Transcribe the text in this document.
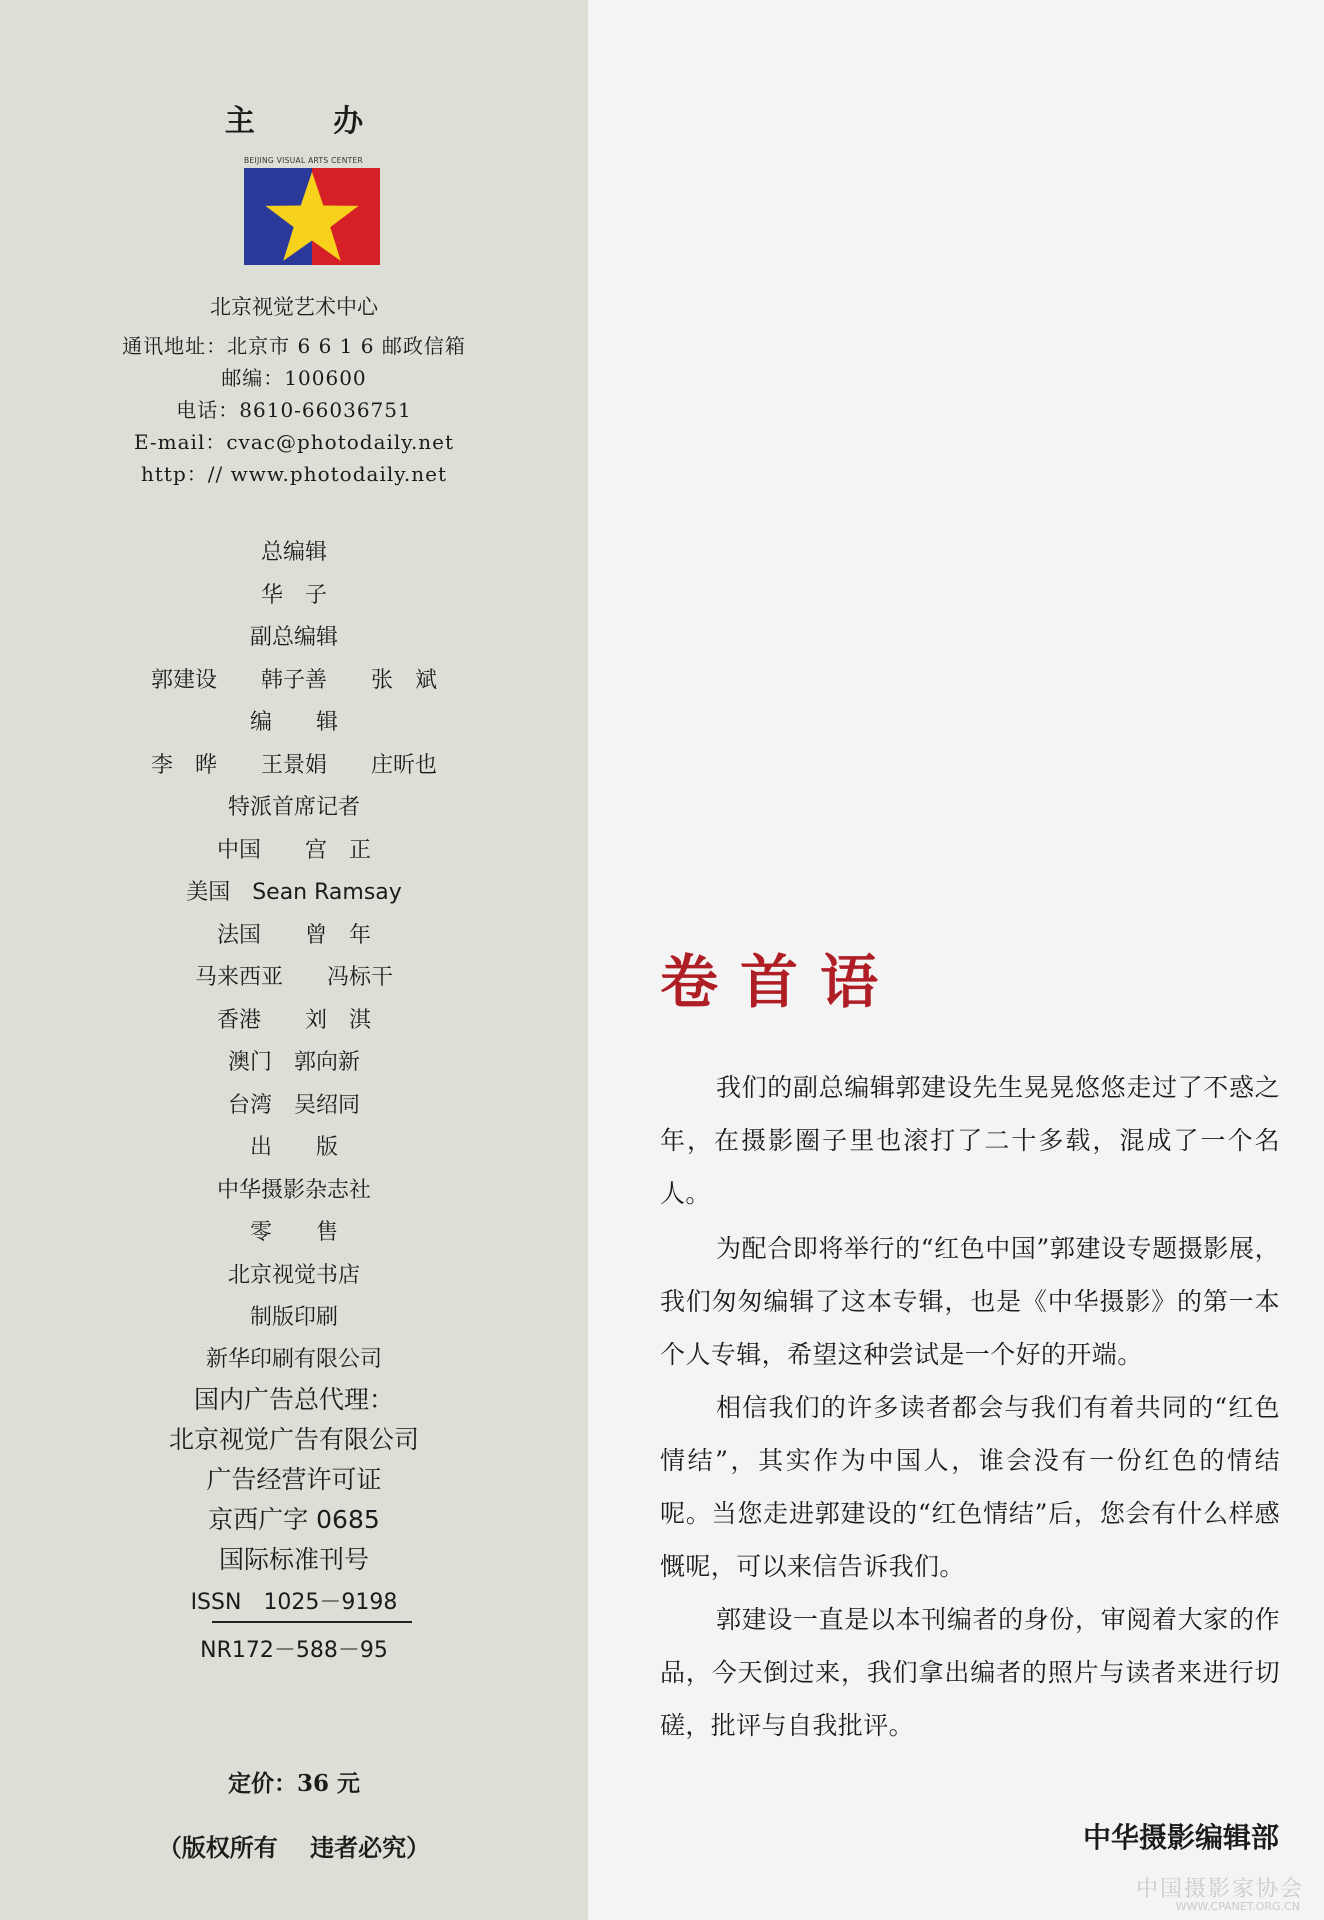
主 办
BEIJING VISUAL ARTS CENTER
北京视觉艺术中心
通讯地址：北京市 6 6 1 6 邮政信箱
邮编：100600
电话：8610-66036751
E-mail：cvac@photodaily.net
http：// www.photodaily.net
总编辑
华　子
副总编辑
郭建设　　韩子善　　张　斌
编　　辑
李　晔　　王景娟　　庄昕也
特派首席记者
中国　　宫　正
美国　Sean Ramsay
法国　　曾　年
马来西亚　　冯标干
香港　　刘　淇
澳门　郭向新
台湾　吴绍同
出　　版
中华摄影杂志社
零　　售
北京视觉书店
制版印刷
新华印刷有限公司
国内广告总代理：
北京视觉广告有限公司
广告经营许可证
京西广字 0685
国际标准刊号
ISSN　1025－9198
NR172－588－95
定价：36 元
（版权所有　 违者必究）
卷首语

我们的副总编辑郭建设先生晃晃悠悠走过了不惑之年，在摄影圈子里也滚打了二十多载，混成了一个名人。

为配合即将举行的“红色中国”郭建设专题摄影展，我们匆匆编辑了这本专辑，也是《中华摄影》的第一本个人专辑，希望这种尝试是一个好的开端。

相信我们的许多读者都会与我们有着共同的“红色情结”，其实作为中国人，谁会没有一份红色的情结呢。当您走进郭建设的“红色情结”后，您会有什么样感慨呢，可以来信告诉我们。

郭建设一直是以本刊编者的身份，审阅着大家的作品，今天倒过来，我们拿出编者的照片与读者来进行切磋，批评与自我批评。

中华摄影编辑部
中国摄影家协会
WWW.CPANET.ORG.CN
